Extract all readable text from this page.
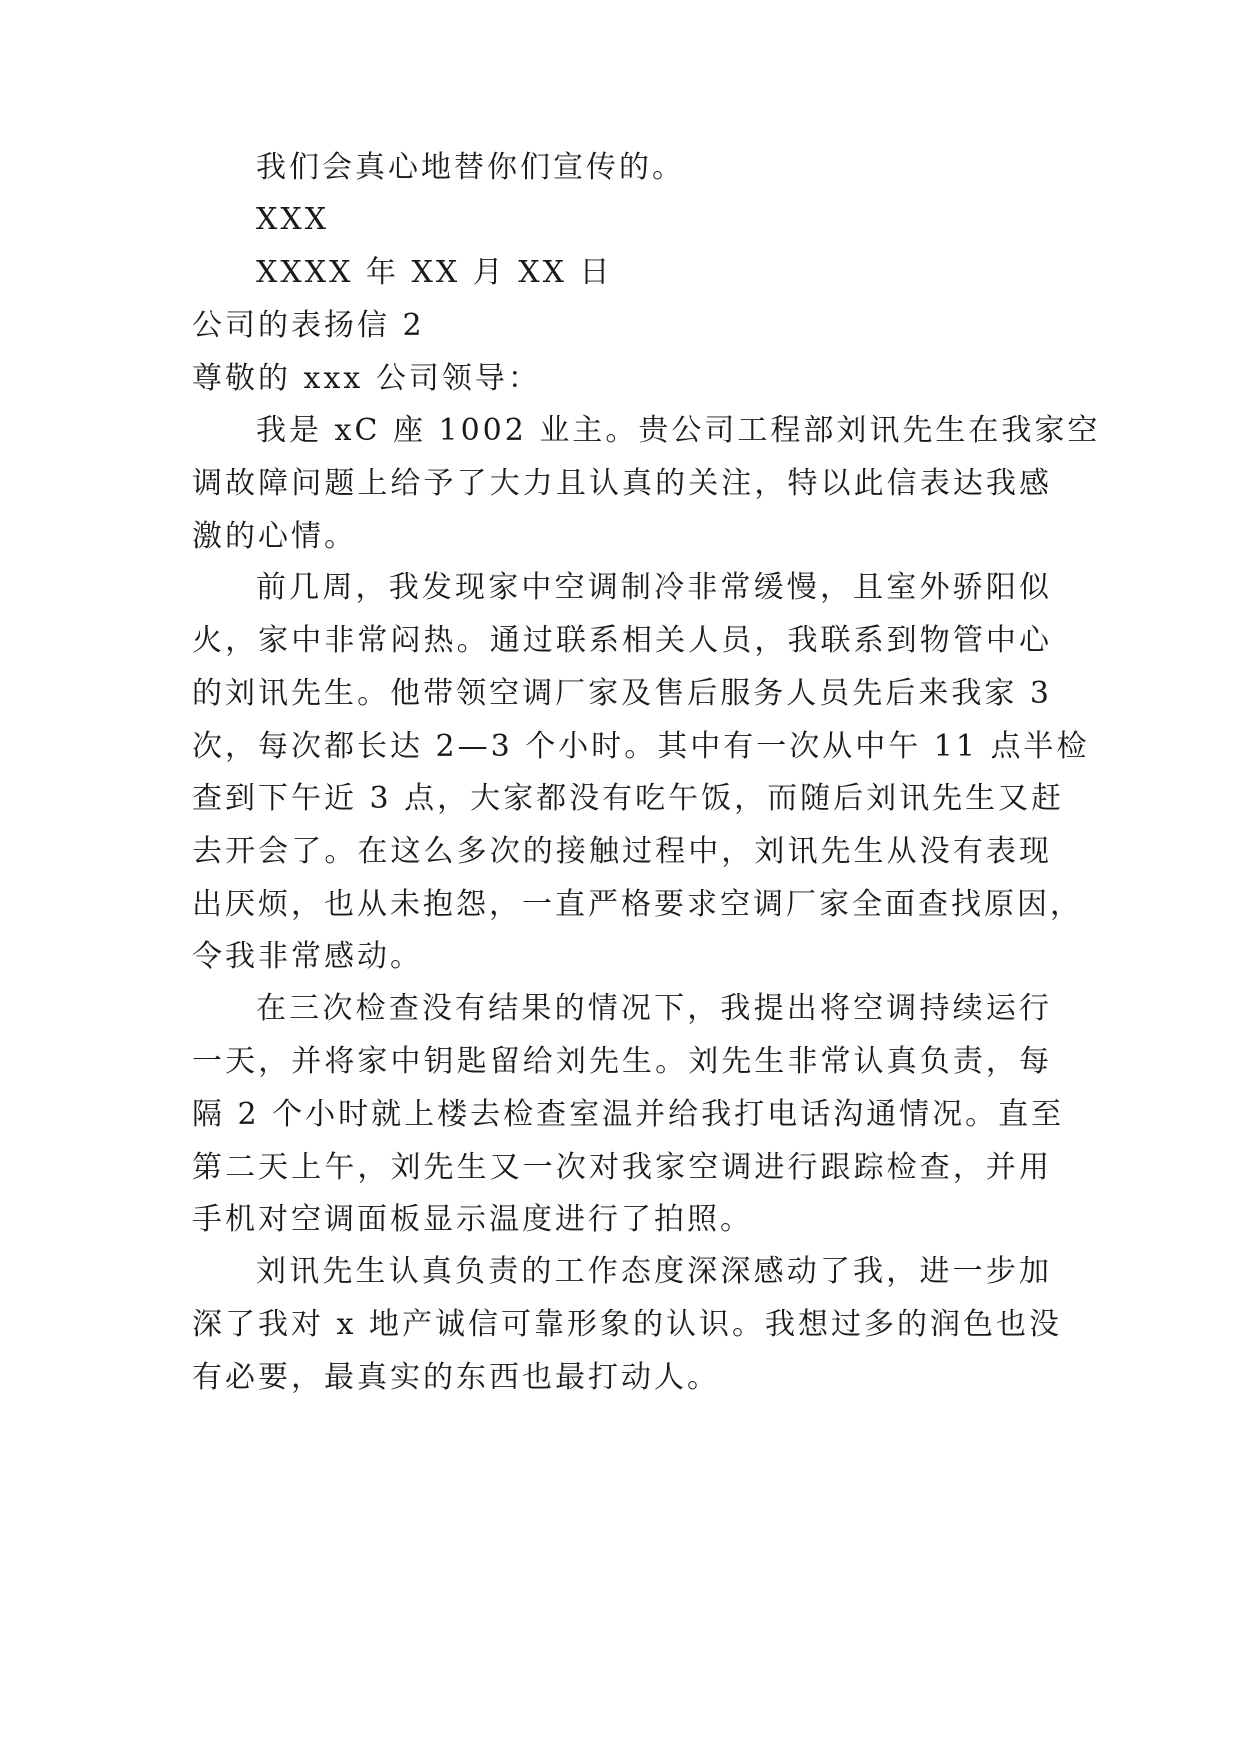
我们会真心地替你们宣传的。
XXX
XXXX 年 XX 月 XX 日
公司的表扬信 2
尊敬的 xxx 公司领导：
我是 xC 座 1002 业主。贵公司工程部刘讯先生在我家空
调故障问题上给予了大力且认真的关注，特以此信表达我感
激的心情。
前几周，我发现家中空调制冷非常缓慢，且室外骄阳似
火，家中非常闷热。通过联系相关人员，我联系到物管中心
的刘讯先生。他带领空调厂家及售后服务人员先后来我家 3
次，每次都长达 2—3 个小时。其中有一次从中午 11 点半检
查到下午近 3 点，大家都没有吃午饭，而随后刘讯先生又赶
去开会了。在这么多次的接触过程中，刘讯先生从没有表现
出厌烦，也从未抱怨，一直严格要求空调厂家全面查找原因，
令我非常感动。
在三次检查没有结果的情况下，我提出将空调持续运行
一天，并将家中钥匙留给刘先生。刘先生非常认真负责，每
隔 2 个小时就上楼去检查室温并给我打电话沟通情况。直至
第二天上午，刘先生又一次对我家空调进行跟踪检查，并用
手机对空调面板显示温度进行了拍照。
刘讯先生认真负责的工作态度深深感动了我，进一步加
深了我对 x 地产诚信可靠形象的认识。我想过多的润色也没
有必要，最真实的东西也最打动人。
